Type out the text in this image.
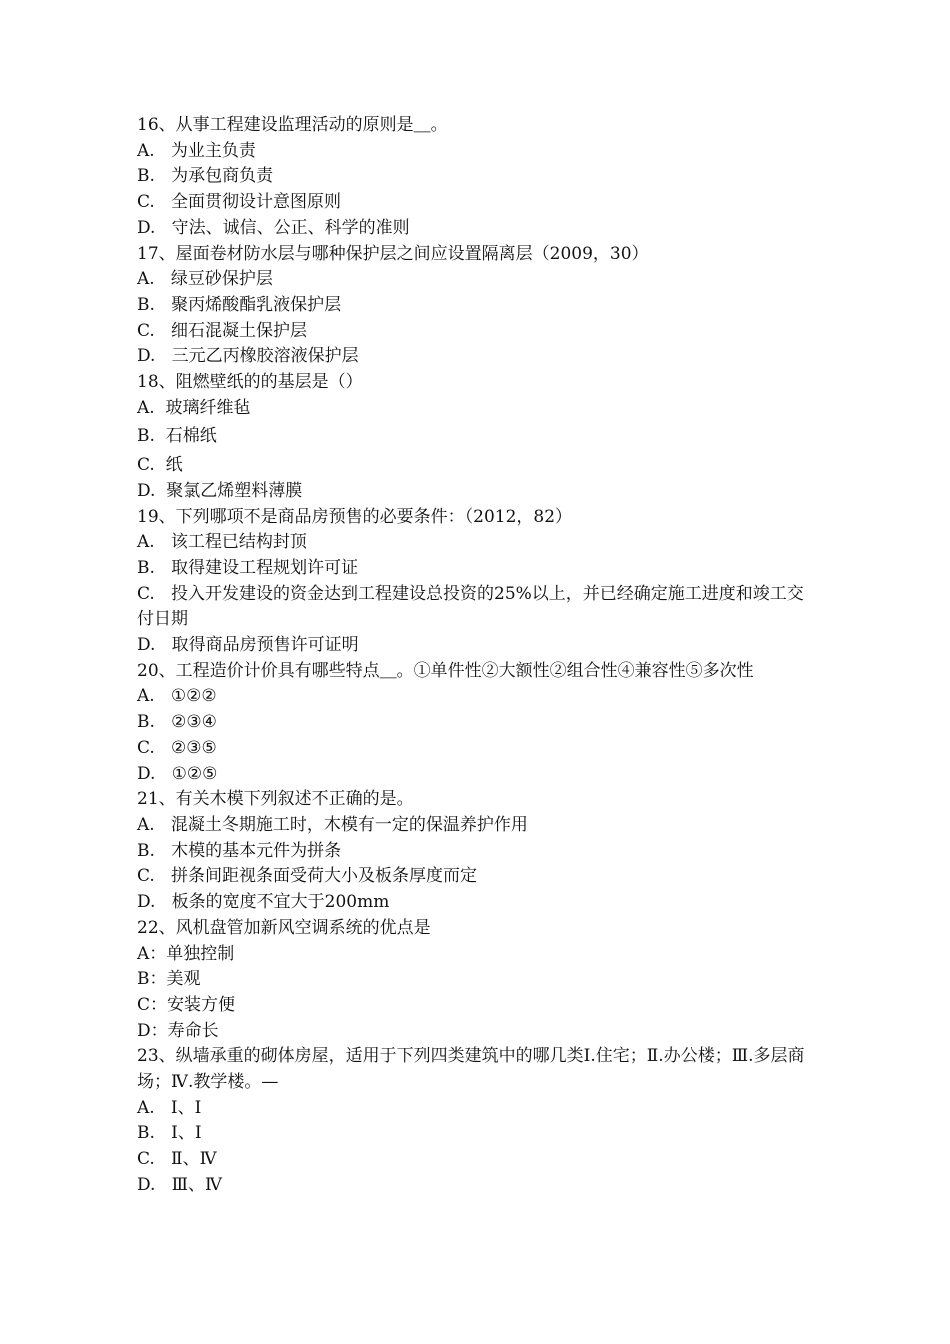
16、从事工程建设监理活动的原则是＿。
A.   为业主负责
B.   为承包商负责
C.   全面贯彻设计意图原则
D.   守法、诚信、公正、科学的准则
17、屋面卷材防水层与哪种保护层之间应设置隔离层（2009，30）
A.   绿豆砂保护层
B.   聚丙烯酸酯乳液保护层
C.   细石混凝土保护层
D.   三元乙丙橡胶溶液保护层
18、阻燃壁纸的的基层是（）
A.  玻璃纤维毡
B.  石棉纸
C.  纸
D.  聚氯乙烯塑料薄膜
19、下列哪项不是商品房预售的必要条件：（2012，82）
A.   该工程已结构封顶
B.   取得建设工程规划许可证
C.   投入开发建设的资金达到工程建设总投资的25%以上，并已经确定施工进度和竣工交付日期
D.   取得商品房预售许可证明
20、工程造价计价具有哪些特点＿。①单件性②大额性②组合性④兼容性⑤多次性
A.   ①②②
B.   ②③④
C.   ②③⑤
D.   ①②⑤
21、有关木模下列叙述不正确的是。
A.   混凝土冬期施工时，木模有一定的保温养护作用
B.   木模的基本元件为拼条
C.   拼条间距视条面受荷大小及板条厚度而定
D.   板条的宽度不宜大于200mm
22、风机盘管加新风空调系统的优点是
A：单独控制
B：美观
C：安装方便
D：寿命长
23、纵墙承重的砌体房屋，适用于下列四类建筑中的哪几类Ⅰ.住宅；Ⅱ.办公楼；Ⅲ.多层商场；Ⅳ.教学楼。—
A.   Ⅰ、Ⅰ
B.   Ⅰ、Ⅰ
C.   Ⅱ、Ⅳ
D.   Ⅲ、Ⅳ
